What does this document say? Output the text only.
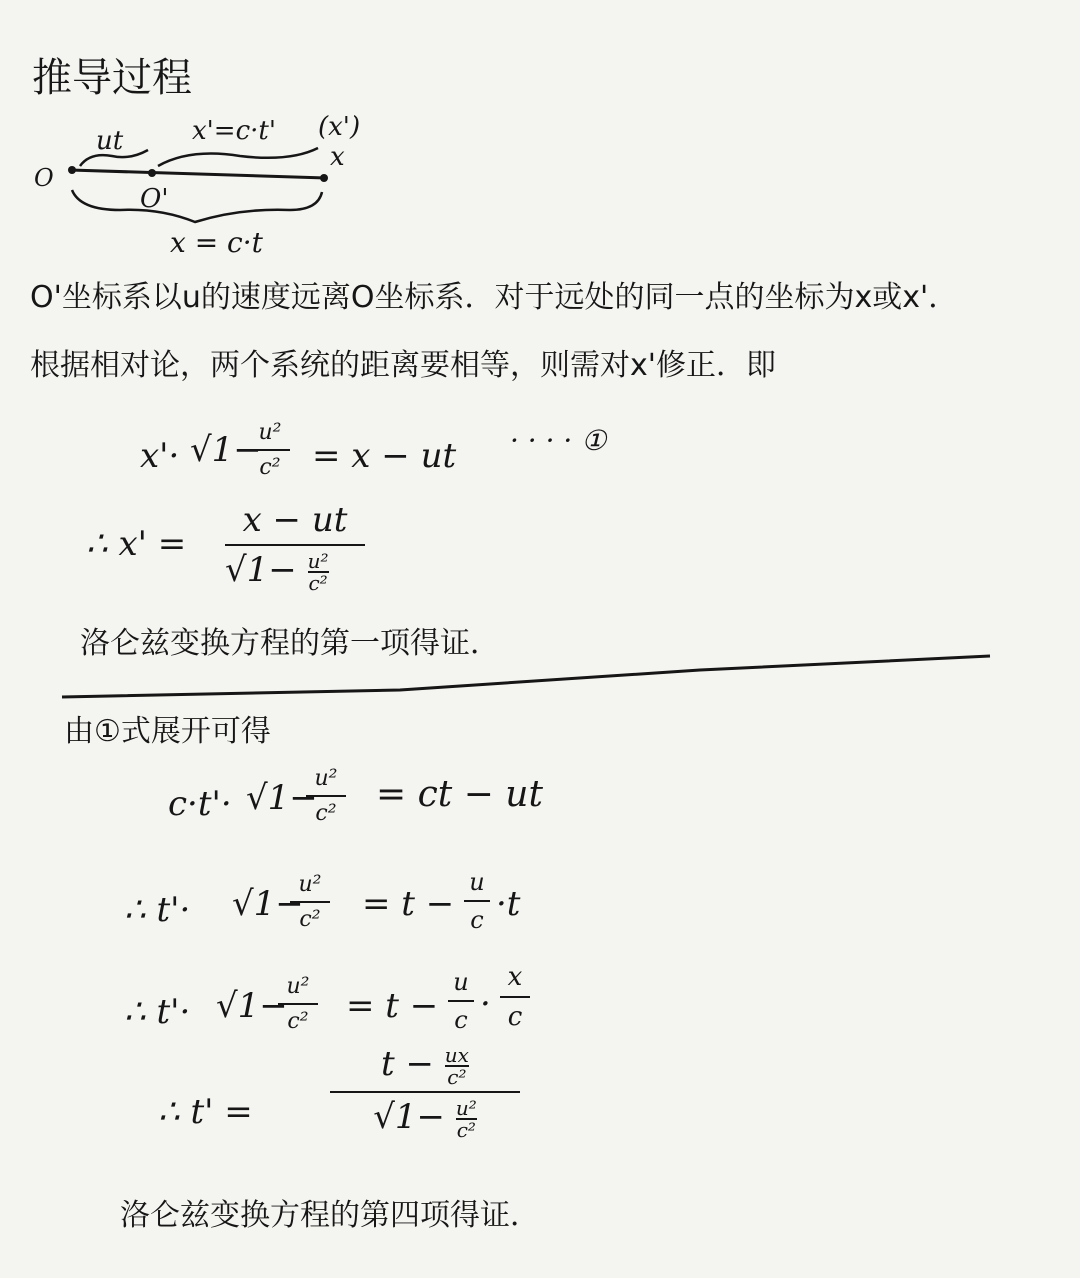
推导过程
O
ut	x'=c·t' (x')
x
O'
x = c·t
O'坐标系以u的速度远离O坐标系．对于远处的同一点的坐标为x或x'．
根据相对论，两个系统的距离要相等，则需对x'修正．即
x'· √1−
u²
c² = x − ut · · · · ①
∴ x' =
x − ut
$√1- \frac{\text{u²}}{\text{c²}}$
洛仑兹变换方程的第一项得证．
由①式展开可得
c·t'· √1−
u²
c² = ct − ut
∴ t'· √1−
u²
c² = t −
u
c ·t
∴ t'· √1−
u²
c² = t −
u
c ·
x
c
∴ t' =
$t - \frac{ux}{\text{c²}}$
$√1- \frac{\text{u²}}{\text{c²}}$
洛仑兹变换方程的第四项得证．
